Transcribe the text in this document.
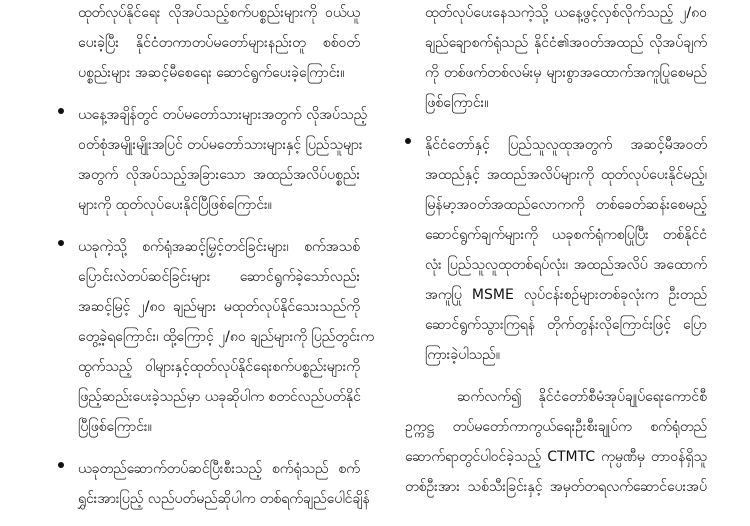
ထုတ်လုပ်နိုင်ရေး လိုအပ်သည့်စက်ပစ္စည်းများကို ဝယ်ယူ
ပေးခဲ့ပြီး နိုင်ငံတကာတပ်မတော်များနည်းတူ စစ်ဝတ်
ပစ္စည်းများ အဆင့်မီစေရေး ဆောင်ရွက်ပေးခဲ့ကြောင်း။
ယနေ့အချိန်တွင် တပ်မတော်သားများအတွက် လိုအပ်သည့်
ဝတ်စုံအမျိုးမျိုးအပြင် တပ်မတော်သားများနှင့် ပြည်သူများ
အတွက် လိုအပ်သည့်အခြားသော အထည်အလိပ်ပစ္စည်း
များကို ထုတ်လုပ်ပေးနိုင်ပြီဖြစ်ကြောင်း။
ယခုကဲ့သို့ စက်ရုံအဆင့်မြှင့်တင်ခြင်းများ၊ စက်အသစ်
ပြောင်းလဲတပ်ဆင်ခြင်းများ ဆောင်ရွက်ခဲ့သော်လည်း
အဆင့်မြင့် ၂/၈၀ ချည်များ မထုတ်လုပ်နိုင်သေးသည်ကို
တွေ့ခဲ့ရကြောင်း၊ ထို့ကြောင့် ၂/၈၀ ချည်များကို ပြည်တွင်းက
ထွက်သည့် ဝါများနှင့်ထုတ်လုပ်နိုင်ရေးစက်ပစ္စည်းများကို
ဖြည့်ဆည်းပေးခဲ့သည်မှာ ယခုဆိုပါက စတင်လည်ပတ်နိုင်
ပြီဖြစ်ကြောင်း။
ယခုတည်ဆောက်တပ်ဆင်ပြီးစီးသည့် စက်ရုံသည် စက်
ရွှင်းအားပြည့် လည်ပတ်မည်ဆိုပါက တစ်ရက်ချည်ပေါင်ချိန်
ထုတ်လုပ်ပေးနေသကဲ့သို့ ယနေ့ဖွင့်လှစ်လိုက်သည့် ၂/၈၀
ချည်ချောစက်ရုံသည် နိုင်ငံ၏အဝတ်အထည် လိုအပ်ချက်
ကို တစ်ဖက်တစ်လမ်းမှ များစွာအထောက်အကူပြုစေမည်
ဖြစ်ကြောင်း။
နိုင်ငံတော်နှင့် ပြည်သူလူထုအတွက် အဆင့်မီအဝတ်
အထည်နှင့် အထည်အလိပ်များကို ထုတ်လုပ်ပေးနိုင်မည့်၊
မြန်မာ့အဝတ်အထည်လောကကို တစ်ခေတ်ဆန်းစေမည့်
ဆောင်ရွက်ချက်များကို ယခုစက်ရုံကစပြုပြီး တစ်နိုင်ငံ
လုံး ပြည်သူလူထုတစ်ရပ်လုံး၊ အထည်အလိပ် အထောက်
အကူပြု MSME လုပ်ငန်းစဉ်များတစ်ခုလုံးက ဦးတည်
ဆောင်ရွက်သွားကြရန် တိုက်တွန်းလိုကြောင်းဖြင့် ပြော
ကြားခဲ့ပါသည်။
ဆက်လက်၍ နိုင်ငံတော်စီမံအုပ်ချုပ်ရေးကောင်စီ
ဥက္ကဋ္ဌ တပ်မတော်ကာကွယ်ရေးဦးစီးချုပ်က စက်ရုံတည်
ဆောက်ရာတွင်ပါဝင်ခဲ့သည့် CTMTC ကုမ္ပဏီမှ တာဝန်ရှိသူ
တစ်ဦးအား သစ်သီးခြင်းနှင့် အမှတ်တရလက်ဆောင်ပေးအပ်
